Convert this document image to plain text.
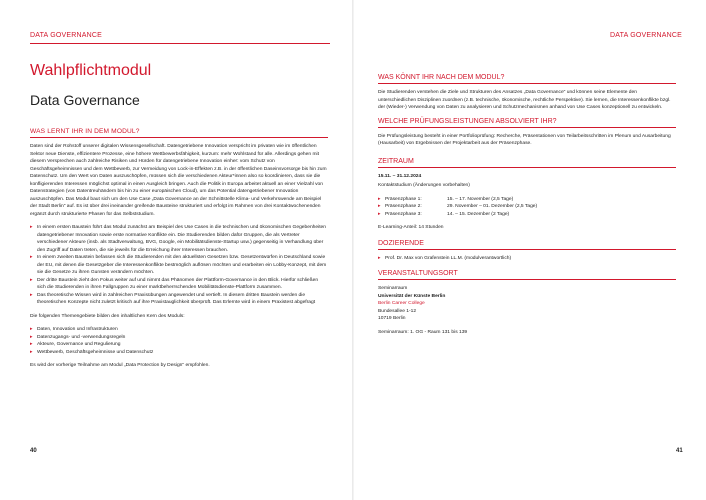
DATA GOVERNANCE
Wahlpflichtmodul
Data Governance
WAS LERNT IHR IN DEM MODUL?

Daten sind der Rohstoff unserer digitalen Wissensgesellschaft. Datengetriebene Innovation verspricht im privaten wie im öffentlichen Sektor neue Dienste, effizientere Prozesse, eine höhere Wettbewerbsfähigkeit, kurzum: mehr Wohlstand für alle. Allerdings gehen mit diesem Versprechen auch zahlreiche Risiken und Hürden für datengetriebene Innovation einher: vom Schutz von Geschäftsgeheimnissen und dem Wettbewerb, zur Vermeidung von Lock-in-Effekten z.B. in der öffentlichen Daseinsvorsorge bis hin zum Datenschutz. Um den Wert von Daten auszuschöpfen, müssen sich die verschiedenen Akteur*innen also so koordinieren, dass sie die konfligierenden Interessen möglichst optimal in einen Ausgleich bringen. Auch die Politik in Europa arbeitet aktuell an einer Vielzahl von Datenstrategien (von Datentreuhändern bis hin zu einer europäischen Cloud), um das Potential datengetriebener Innovation auszuschöpfen. Das Modul baut sich um den Use Case „Data Governance an der Schnittstelle Klima- und Verkehrswende am Beispiel der Stadt Berlin" auf. Es ist über drei ineinander greifende Bausteine strukturiert und erfolgt im Rahmen von drei Kontaktwochenenden ergänzt durch strukturierte Phasen für das Selbststudium.

▸ In einem ersten Baustein führt das Modul zunächst am Beispiel des Use Cases in die technischen und ökonomischen Gegebenheiten datengetriebener Innovation sowie erste normative Konflikte ein. Die Studierenden bilden dafür Gruppen, die als Vertreter verschiedener Akteure (insb. als Stadtverwaltung, BVG, Google, ein Mobilitätsdienste-Startup usw.) gegenseitig in Verhandlung über den Zugriff auf Daten treten, die sie jeweils für die Erreichung ihrer Interessen brauchen.
▸ In einem zweiten Baustein befassen sich die Studierenden mit den aktuellsten Gesetzen bzw. Gesetzentwürfen in Deutschland sowie der EU, mit denen die Gesetzgeber die Interessenkonflikte bestmöglich auflösen möchten und erarbeiten ein Lobby-Konzept, mit dem sie die Gesetze zu ihren Gunsten verändern möchten.
▸ Der dritte Baustein zieht den Fokus weiter auf und nimmt das Phänomen der Plattform-Governance in den Blick. Hierfür schließen sich die Studierenden in ihren Fallgruppen zu einer marktbeherrschenden Mobilitätsdienste-Plattform zusammen.
▸ Das theoretische Wissen wird in zahlreichen Praxisübungen angewendet und vertieft. In diesem dritten Baustein werden die theoretischen Konzepte nicht zuletzt kritisch auf ihre Praxistauglichkeit überprüft. Das Erlernte wird in einem Praxistest abgefragt

Die folgenden Themengebiete bilden den inhaltlichen Kern des Moduls:

▸ Daten, Innovation und Infrastrukturen
▸ Datenzugangs- und -verwendungsregeln
▸ Akteure, Governance und Regulierung
▸ Wettbewerb, Geschäftsgeheimnisse und Datenschutz

Es wird der vorherige Teilnahme am Modul „Data Protection by Design" empfohlen.

40
DATA GOVERNANCE
WAS KÖNNT IHR NACH DEM MODUL?

Die Studierenden verstehen die Ziele und Strukturen des Ansatzes „Data Governance" und können seine Elemente den unterschiedlichen Disziplinen zuordnen (z.B. technische, ökonomische, rechtliche Perspektive). Sie lernen, die Interessenkonflikte bzgl. der (Wieder-) Verwendung von Daten zu analysieren und Schutzmechanismen anhand von Use Cases konzeptionell zu entwickeln.

WELCHE PRÜFUNGSLEISTUNGEN ABSOLVIERT IHR?

Die Prüfungsleistung besteht in einer Portfolioprüfung: Recherche, Präsentationen von Teilarbeitsschritten im Plenum und Ausarbeitung (Hausarbeit) von Ergebnissen der Projektarbeit aus der Präsenzphase.

ZEITRAUM

15.11. – 31.12.2024

Kontaktstudium (Änderungen vorbehalten)

▸ Präsenzphase 1:	15. – 17. November (2,5 Tage)
▸ Präsenzphase 2:	29. November – 01. Dezember (2,5 Tage)
▸ Präsenzphase 3:	14. – 15. Dezember (2 Tage)

E-Learning-Anteil: 14 Stunden

DOZIERENDE
▸ Prof. Dr. Max von Grafenstein LL.M. (modulverantwortlich)
VERANSTALTUNGSORT
Seminarraum
Universität der Künste Berlin
Berlin Career College
Bundesallee 1-12
10719 Berlin
Seminarraum: 1. OG - Raum 131 bis 139
41
